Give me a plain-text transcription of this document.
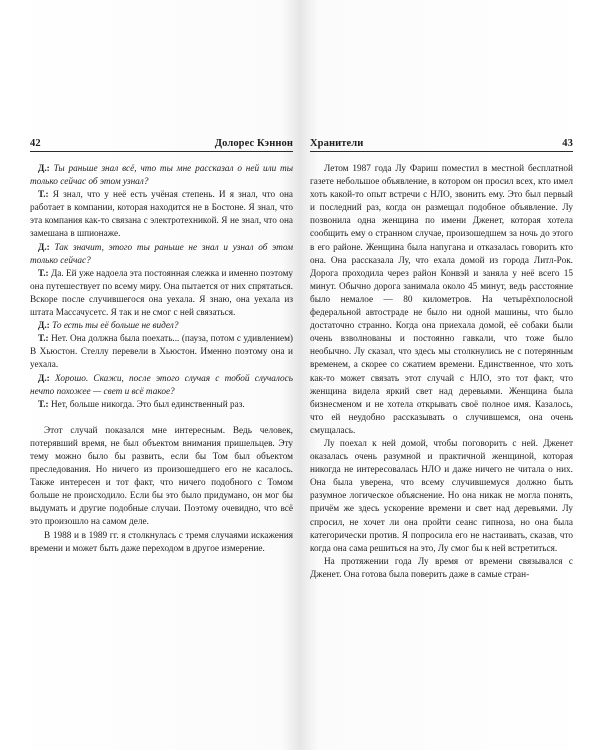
42	Долорес Кэннон

Д.: Ты раньше знал всё, что ты мне рассказал о ней или ты только сейчас об этом узнал?

Т.: Я знал, что у неё есть учёная степень. И я знал, что она работает в компании, которая находится не в Бостоне. Я знал, что эта компания как-то связана с электротехникой. Я не знал, что она замешана в шпионаже.

Д.: Так значит, этого ты раньше не знал и узнал об этом только сейчас?

Т.: Да. Ей уже надоела эта постоянная слежка и именно поэтому она путешествует по всему миру. Она пытается от них спрятаться. Вскоре после случившегося она уехала. Я знаю, она уехала из штата Массачусетс. Я так и не смог с ней связаться.

Д.: То есть ты её больше не видел?

Т.: Нет. Она должна была поехать... (пауза, потом с удивлением) В Хьюстон. Стеллу перевели в Хьюстон. Именно поэтому она и уехала.

Д.: Хорошо. Скажи, после этого случая с тобой случалось нечто похожее — свет и всё такое?

Т.: Нет, больше никогда. Это был единственный раз.

Этот случай показался мне интересным. Ведь человек, потерявший время, не был объектом внимания пришельцев. Эту тему можно было бы развить, если бы Том был объектом преследования. Но ничего из произошедшего его не касалось. Также интересен и тот факт, что ничего подобного с Томом больше не происходило. Если бы это было придумано, он мог бы выдумать и другие подобные случаи. Поэтому очевидно, что всё это произошло на самом деле.

В 1988 и в 1989 гг. я столкнулась с тремя случаями искажения времени и может быть даже переходом в другое измерение.

Хранители	43

Летом 1987 года Лу Фариш поместил в местной бесплатной газете небольшое объявление, в котором он просил всех, кто имел хоть какой-то опыт встречи с НЛО, звонить ему. Это был первый и последний раз, когда он размещал подобное объявление. Лу позвонила одна женщина по имени Дженет, которая хотела сообщить ему о странном случае, произошедшем за ночь до этого в его районе. Женщина была напугана и отказалась говорить кто она. Она рассказала Лу, что ехала домой из города Литл-Рок. Дорога проходила через район Конвэй и заняла у неё всего 15 минут. Обычно дорога занимала около 45 минут, ведь расстояние было немалое — 80 километров. На четырёхполосной федеральной автостраде не было ни одной машины, что было достаточно странно. Когда она приехала домой, её собаки были очень взволнованы и постоянно гавкали, что тоже было необычно. Лу сказал, что здесь мы столкнулись не с потерянным временем, а скорее со сжатием времени. Единственное, что хоть как-то может связать этот случай с НЛО, это тот факт, что женщина видела яркий свет над деревьями. Женщина была бизнесменом и не хотела открывать своё полное имя. Казалось, что ей неудобно рассказывать о случившемся, она очень смущалась.

Лу поехал к ней домой, чтобы поговорить с ней. Дженет оказалась очень разумной и практичной женщиной, которая никогда не интересовалась НЛО и даже ничего не читала о них. Она была уверена, что всему случившемуся должно быть разумное логическое объяснение. Но она никак не могла понять, причём же здесь ускорение времени и свет над деревьями. Лу спросил, не хочет ли она пройти сеанс гипноза, но она была категорически против. Я попросила его не настаивать, сказав, что когда она сама решиться на это, Лу смог бы к ней встретиться.

На протяжении года Лу время от времени связывался с Дженет. Она готова была поверить даже в самые стран-
